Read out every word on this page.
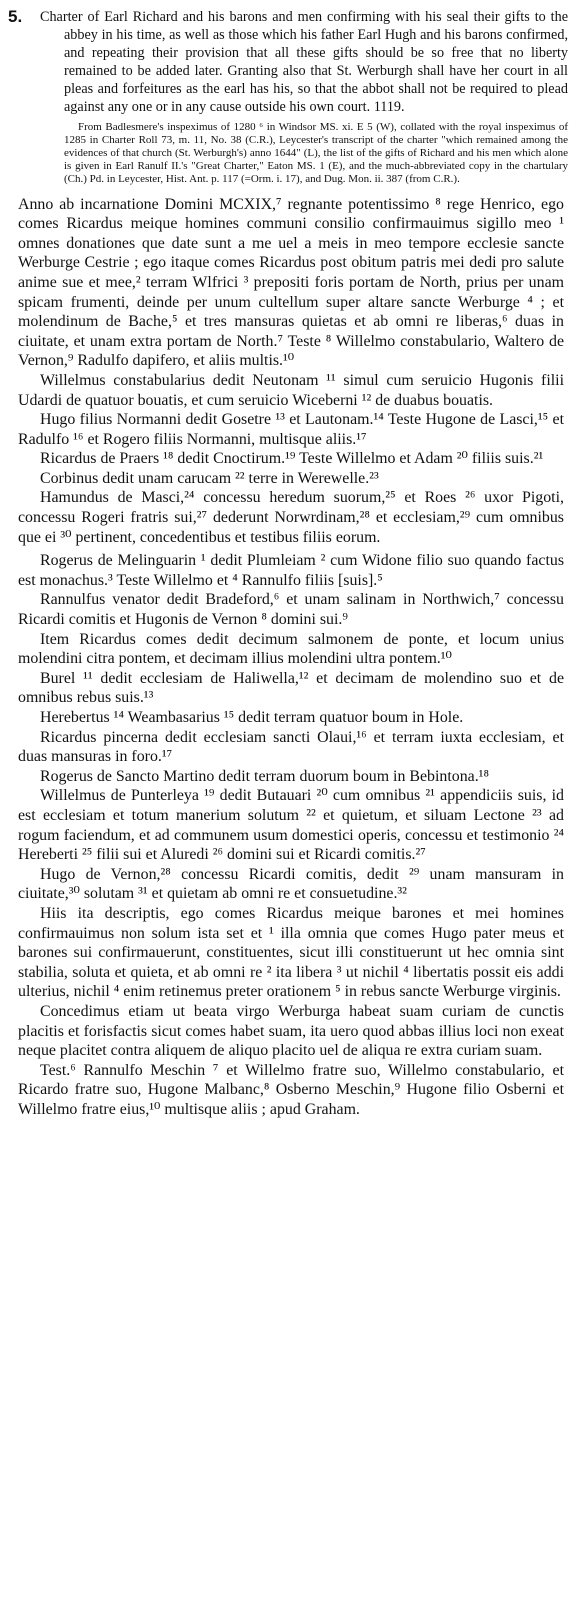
5. Charter of Earl Richard and his barons and men confirming with his seal their gifts to the abbey in his time, as well as those which his father Earl Hugh and his barons confirmed, and repeating their provision that all these gifts should be so free that no liberty remained to be added later. Granting also that St. Werburgh shall have her court in all pleas and forfeitures as the earl has his, so that the abbot shall not be required to plead against any one or in any cause outside his own court. 1119.

From Badlesmere's inspeximus of 1280 ⁶ in Windsor MS. xi. E 5 (W), collated with the royal inspeximus of 1285 in Charter Roll 73, m. 11, No. 38 (C.R.), Leycester's transcript of the charter "which remained among the evidences of that church (St. Werburgh's) anno 1644" (L), the list of the gifts of Richard and his men which alone is given in Earl Ranulf II.'s "Great Charter," Eaton MS. 1 (E), and the much-abbreviated copy in the chartulary (Ch.) Pd. in Leycester, Hist. Ant. p. 117 (=Orm. i. 17), and Dug. Mon. ii. 387 (from C.R.).

Anno ab incarnatione Domini MCXIX,⁷ regnante potentissimo ⁸ rege Henrico, ego comes Ricardus meique homines communi consilio confirmauimus sigillo meo ¹ omnes donationes que date sunt a me uel a meis in meo tempore ecclesie sancte Werburge Cestrie ; ego itaque comes Ricardus post obitum patris mei dedi pro salute anime sue et mee,² terram Wlfrici ³ prepositi foris portam de North, prius per unam spicam frumenti, deinde per unum cultellum super altare sancte Werburge ⁴ ; et molendinum de Bache,⁵ et tres mansuras quietas et ab omni re liberas,⁶ duas in ciuitate, et unam extra portam de North.⁷ Teste ⁸ Willelmo constabulario, Waltero de Vernon,⁹ Radulfo dapifero, et aliis multis.¹⁰

Willelmus constabularius dedit Neutonam ¹¹ simul cum seruicio Hugonis filii Udardi de quatuor bouatis, et cum seruicio Wiceberni ¹² de duabus bouatis.

Hugo filius Normanni dedit Gosetre ¹³ et Lautonam.¹⁴ Teste Hugone de Lasci,¹⁵ et Radulfo ¹⁶ et Rogero filiis Normanni, multisque aliis.¹⁷

Ricardus de Praers ¹⁸ dedit Cnoctirum.¹⁹ Teste Willelmo et Adam ²⁰ filiis suis.²¹

Corbinus dedit unam carucam ²² terre in Werewelle.²³

Hamundus de Masci,²⁴ concessu heredum suorum,²⁵ et Roes ²⁶ uxor Pigoti, concessu Rogeri fratris sui,²⁷ dederunt Norwrdinam,²⁸ et ecclesiam,²⁹ cum omnibus que ei ³⁰ pertinent, concedentibus et testibus filiis eorum.

Rogerus de Melinguarin ¹ dedit Plumleiam ² cum Widone filio suo quando factus est monachus.³ Teste Willelmo et ⁴ Rannulfo filiis [suis].⁵

Rannulfus venator dedit Bradeford,⁶ et unam salinam in Northwich,⁷ concessu Ricardi comitis et Hugonis de Vernon ⁸ domini sui.⁹

Item Ricardus comes dedit decimum salmonem de ponte, et locum unius molendini citra pontem, et decimam illius molendini ultra pontem.¹⁰

Burel ¹¹ dedit ecclesiam de Haliwella,¹² et decimam de molendino suo et de omnibus rebus suis.¹³

Herebertus ¹⁴ Weambasarius ¹⁵ dedit terram quatuor boum in Hole.

Ricardus pincerna dedit ecclesiam sancti Olaui,¹⁶ et terram iuxta ecclesiam, et duas mansuras in foro.¹⁷

Rogerus de Sancto Martino dedit terram duorum boum in Bebintona.¹⁸

Willelmus de Punterleya ¹⁹ dedit Butauari ²⁰ cum omnibus ²¹ appendiciis suis, id est ecclesiam et totum manerium solutum ²² et quietum, et siluam Lectone ²³ ad rogum faciendum, et ad communem usum domestici operis, concessu et testimonio ²⁴ Hereberti ²⁵ filii sui et Aluredi ²⁶ domini sui et Ricardi comitis.²⁷

Hugo de Vernon,²⁸ concessu Ricardi comitis, dedit ²⁹ unam mansuram in ciuitate,³⁰ solutam ³¹ et quietam ab omni re et consuetudine.³²

Hiis ita descriptis, ego comes Ricardus meique barones et mei homines confirmauimus non solum ista set et ¹ illa omnia que comes Hugo pater meus et barones sui confirmauerunt, constituentes, sicut illi constituerunt ut hec omnia sint stabilia, soluta et quieta, et ab omni re ² ita libera ³ ut nichil ⁴ libertatis possit eis addi ulterius, nichil ⁴ enim retinemus preter orationem ⁵ in rebus sancte Werburge virginis.

Concedimus etiam ut beata virgo Werburga habeat suam curiam de cunctis placitis et forisfactis sicut comes habet suam, ita uero quod abbas illius loci non exeat neque placitet contra aliquem de aliquo placito uel de aliqua re extra curiam suam.

Test.⁶ Rannulfo Meschin ⁷ et Willelmo fratre suo, Willelmo constabulario, et Ricardo fratre suo, Hugone Malbanc,⁸ Osberno Meschin,⁹ Hugone filio Osberni et Willelmo fratre eius,¹⁰ multisque aliis ; apud Graham.
